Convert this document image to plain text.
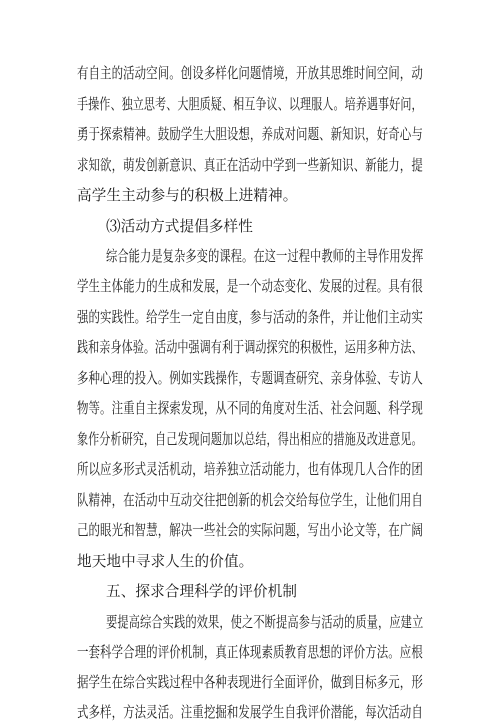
有自主的活动空间。创设多样化问题情境，开放其思维时间空间，动
手操作、独立思考、大胆质疑、相互争议、以理服人。培养遇事好问，
勇于探索精神。鼓励学生大胆设想，养成对问题、新知识，好奇心与
求知欲，萌发创新意识、真正在活动中学到一些新知识、新能力，提
高学生主动参与的积极上进精神。
⑶活动方式提倡多样性
综合能力是复杂多变的课程。在这一过程中教师的主导作用发挥
学生主体能力的生成和发展，是一个动态变化、发展的过程。具有很
强的实践性。给学生一定自由度，参与活动的条件，并让他们主动实
践和亲身体验。活动中强调有利于调动探究的积极性，运用多种方法、
多种心理的投入。例如实践操作，专题调查研究、亲身体验、专访人
物等。注重自主探索发现，从不同的角度对生活、社会问题、科学现
象作分析研究，自己发现问题加以总结，得出相应的措施及改进意见。
所以应多形式灵活机动，培养独立活动能力，也有体现几人合作的团
队精神，在活动中互动交往把创新的机会交给每位学生，让他们用自
己的眼光和智慧，解决一些社会的实际问题，写出小论文等，在广阔
地天地中寻求人生的价值。
五、探求合理科学的评价机制
要提高综合实践的效果，使之不断提高参与活动的质量，应建立
一套科学合理的评价机制，真正体现素质教育思想的评价方法。应根
据学生在综合实践过程中各种表现进行全面评价，做到目标多元，形
式多样，方法灵活。注重挖掘和发展学生自我评价潜能，每次活动自
